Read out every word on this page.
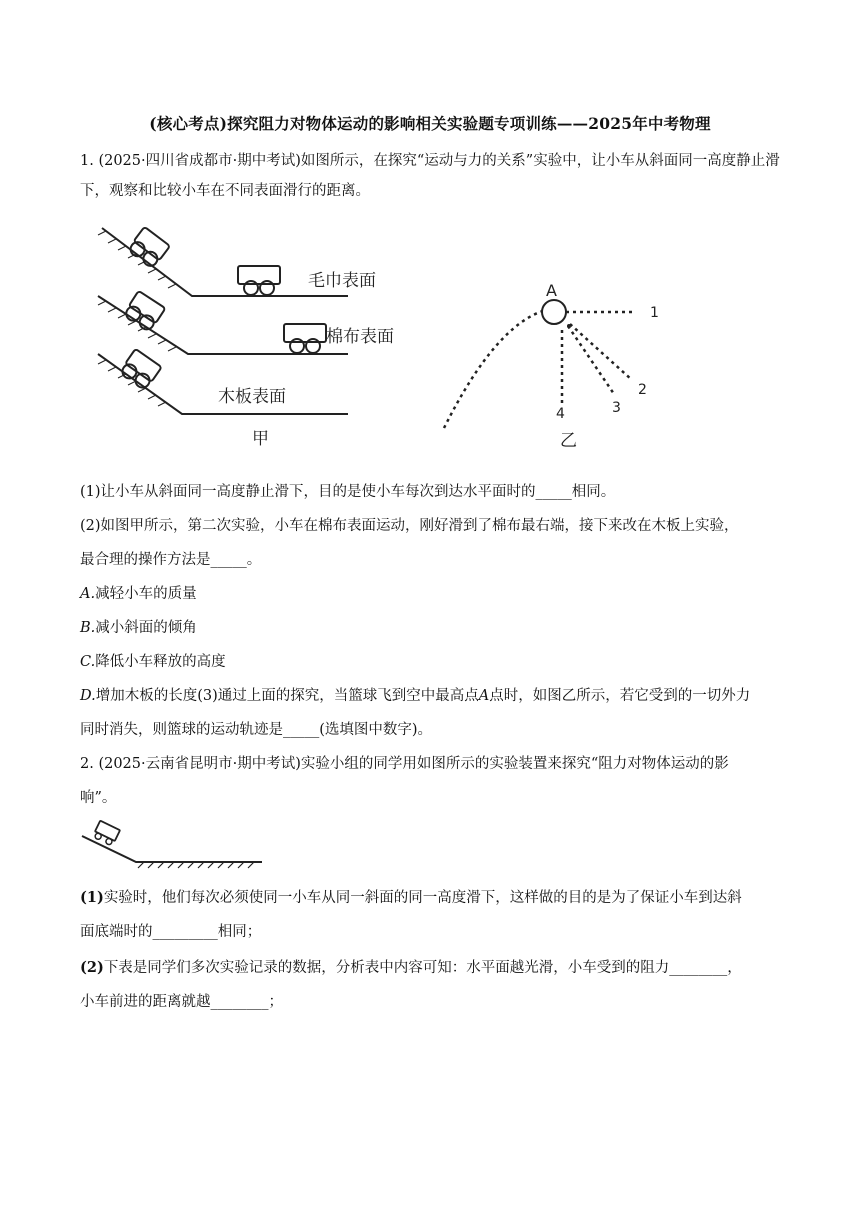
(核心考点)探究阻力对物体运动的影响相关实验题专项训练——2025年中考物理
1. (2025·四川省成都市·期中考试)如图所示，在探究“运动与力的关系”实验中，让小车从斜面同一高度静止滑下，观察和比较小车在不同表面滑行的距离。
毛巾表面
棉布表面
木板表面
甲
A
1
2
3
4
乙
(1)让小车从斜面同一高度静止滑下，目的是使小车每次到达水平面时的_____相同。
(2)如图甲所示，第二次实验，小车在棉布表面运动，刚好滑到了棉布最右端，接下来改在木板上实验，
最合理的操作方法是_____。
A.减轻小车的质量
B.减小斜面的倾角
C.降低小车释放的高度
D.增加木板的长度(3)通过上面的探究，当篮球飞到空中最高点A点时，如图乙所示，若它受到的一切外力
同时消失，则篮球的运动轨迹是_____(选填图中数字)。
2. (2025·云南省昆明市·期中考试)实验小组的同学用如图所示的实验装置来探究“阻力对物体运动的影
响”。
(1)实验时，他们每次必须使同一小车从同一斜面的同一高度滑下，这样做的目的是为了保证小车到达斜
面底端时的_________相同；
(2)下表是同学们多次实验记录的数据，分析表中内容可知：水平面越光滑，小车受到的阻力________，
小车前进的距离就越________；
